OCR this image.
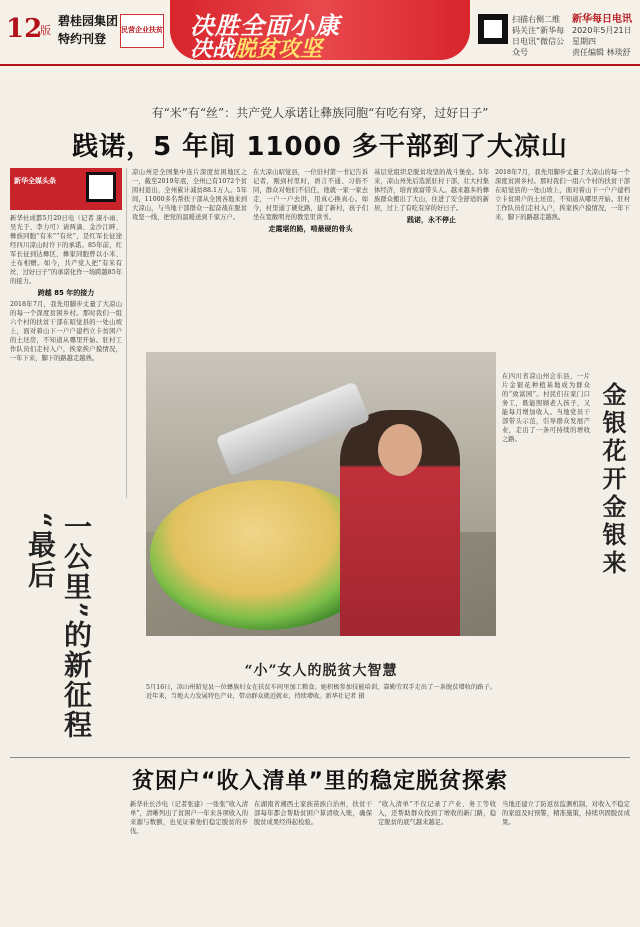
12
版
碧桂园集团
特约刊登
民营企业扶贫 决胜全面小康
决战脱贫攻坚
扫描右侧二维码关注“新华每日电讯”微信公众号
新华每日电讯
2020年5月21日
星期四
责任编辑 林琰舒
有“米”有“丝”：共产党人承诺让彝族同胞“有吃有穿，过好日子”
践诺，5 年间 11000 多干部到了大凉山
新华全媒头条
新华社成都5月20日电（记者 康小雨、吴光于、李力可）请两滴、金沙江畔、彝族同胞“有米”“有丝”，是红军长征途经四川凉山时许下的承诺。85年前，红军长征到达彝区，彝家同胞曾以小米、土布相赠。如今，共产党人把“有米有丝、过好日子”的承诺化作一场跨越85年的接力。
跨越 85 年的接力
2018年7月，我先用脚步丈量了大凉山的每一个深度贫困乡村。那时我们一组六个村的扶贫干部在昭觉县的一处山坡上，面对着山下一户户建档立卡贫困户的土坯房，不知道从哪里开始。驻村工作队员们走村入户，挨家挨户摸情况，一年下来，脚下的路越走越熟。
凉山州是全国集中连片深度贫困地区之一，截至2019年底，全州已有1072个贫困村退出，全州累计减贫88.1万人。5年间，11000多名帮扶干部从全国各地来到大凉山，与当地干部群众一起奋战在脱贫攻坚一线，把党的温暖送到千家万户。
在大凉山昭觉县，一位驻村第一书记告诉记者，刚到村里时，语言不通、习俗不同，群众对他们不信任，他就一家一家去走，一户一户去讲，用真心换真心。如今，村里通了硬化路，建了新村，孩子们坐在宽敞明亮的教室里读书。
走霞堪的路，啃最硬的骨头
基层党组织是脱贫攻坚的战斗堡垒。5年来，凉山州先后选派驻村干部，壮大村集体经济，培育致富带头人。越来越多的彝族群众搬出了大山，住进了安全舒适的新居，过上了有吃有穿的好日子。
践诺，永不停止
2018年7月，我先用脚步丈量了大凉山的每一个深度贫困乡村。那时我们一组六个村的扶贫干部在昭觉县的一处山坡上，面对着山下一户户建档立卡贫困户的土坯房，不知道从哪里开始。驻村工作队员们走村入户，挨家挨户摸情况，一年下来，脚下的路越走越熟。
“最后 一公里”的新征程	“小”女人的脱贫大智慧
5月16日，凉山州昭觉县一位彝族妇女在扶贫车间里加工粮食。她积极参加技能培训，靠勤劳双手走出了一条脱贫增收的路子。近年来，当地大力发展特色产业，带动群众就近就业，持续增收。新华社记者 摄
在四川省凉山州会东县，一片片金银花种植基地成为群众的“致富园”。村民们在家门口务工，既能照顾老人孩子，又能每月增加收入。当地党员干部带头示范，引导群众发展产业，走出了一条可持续的增收之路。	金银花开金银来
贫困户“收入清单”里的稳定脱贫探索
新华社长沙电（记者张建）一张张“收入清单”，清晰列出了贫困户一年来各项收入的来源与数额，也见证着他们稳定脱贫的步伐。
在湖南省湘西土家族苗族自治州，扶贫干部每年都会帮助贫困户算清收入账，确保脱贫成果经得起检验。
“收入清单”不仅记录了产业、务工等收入，还帮助群众找到了增收的新门路，稳定脱贫的底气越来越足。
当地还建立了防返贫监测机制，对收入不稳定的家庭及时预警，精准施策，持续巩固脱贫成果。
